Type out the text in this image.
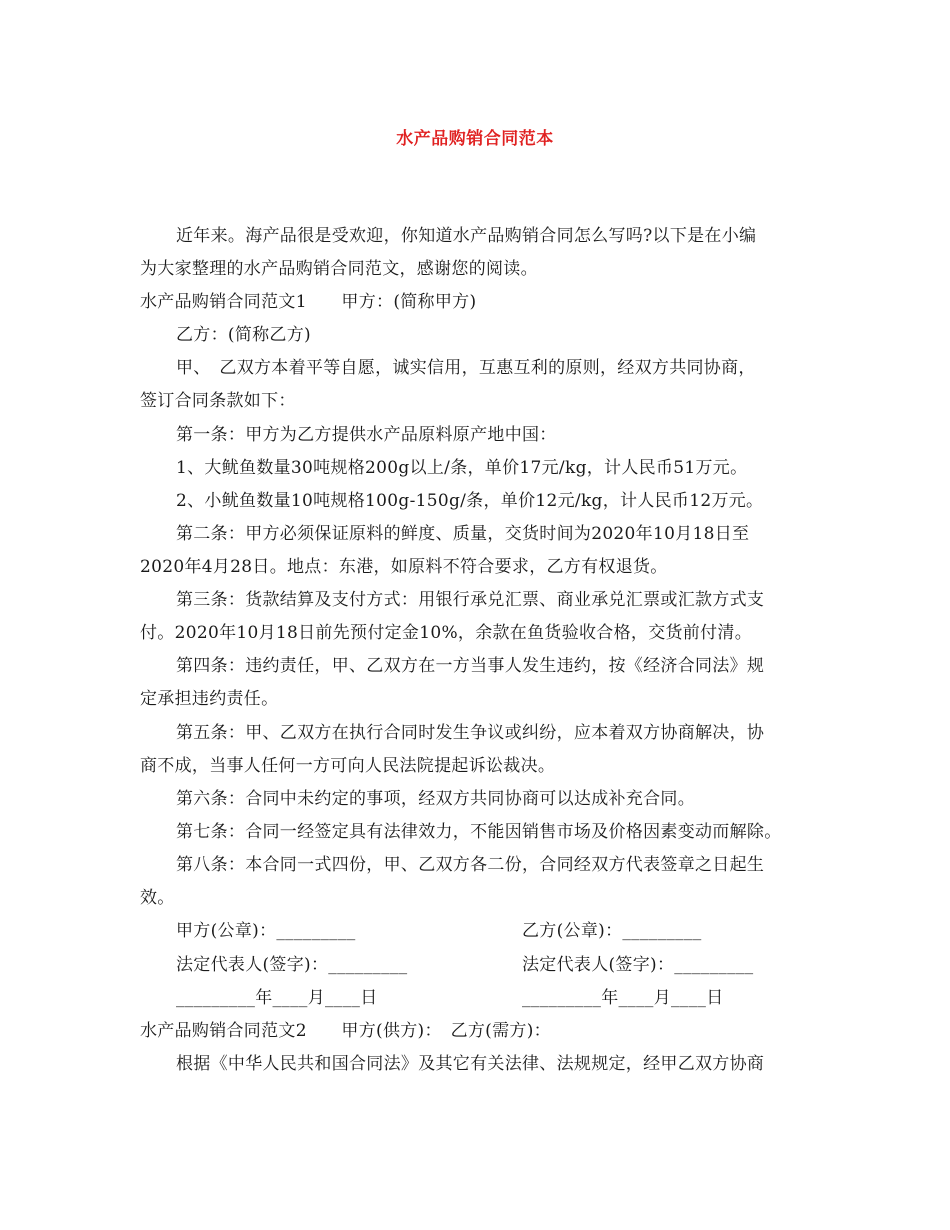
水产品购销合同范本
近年来。海产品很是受欢迎，你知道水产品购销合同怎么写吗?以下是在小编
为大家整理的水产品购销合同范文，感谢您的阅读。
水产品购销合同范文1　　甲方：(简称甲方)
乙方：(简称乙方)
甲、　乙双方本着平等自愿，诚实信用，互惠互利的原则，经双方共同协商，
签订合同条款如下：
第一条：甲方为乙方提供水产品原料原产地中国：
1、大鱿鱼数量30吨规格200g以上/条，单价17元/kg，计人民币51万元。
2、小鱿鱼数量10吨规格100g-150g/条，单价12元/kg，计人民币12万元。
第二条：甲方必须保证原料的鲜度、质量，交货时间为2020年10月18日至
2020年4月28日。地点：东港，如原料不符合要求，乙方有权退货。
第三条：货款结算及支付方式：用银行承兑汇票、商业承兑汇票或汇款方式支
付。2020年10月18日前先预付定金10%，余款在鱼货验收合格，交货前付清。
第四条：违约责任，甲、乙双方在一方当事人发生违约，按《经济合同法》规
定承担违约责任。
第五条：甲、乙双方在执行合同时发生争议或纠纷，应本着双方协商解决，协
商不成，当事人任何一方可向人民法院提起诉讼裁决。
第六条：合同中未约定的事项，经双方共同协商可以达成补充合同。
第七条：合同一经签定具有法律效力，不能因销售市场及价格因素变动而解除。
第八条：本合同一式四份，甲、乙双方各二份，合同经双方代表签章之日起生
效。
甲方(公章)：_________	乙方(公章)：_________
法定代表人(签字)：_________	法定代表人(签字)：_________
_________年____月____日	_________年____月____日
水产品购销合同范文2　　甲方(供方)：　乙方(需方)：
根据《中华人民共和国合同法》及其它有关法律、法规规定，经甲乙双方协商
